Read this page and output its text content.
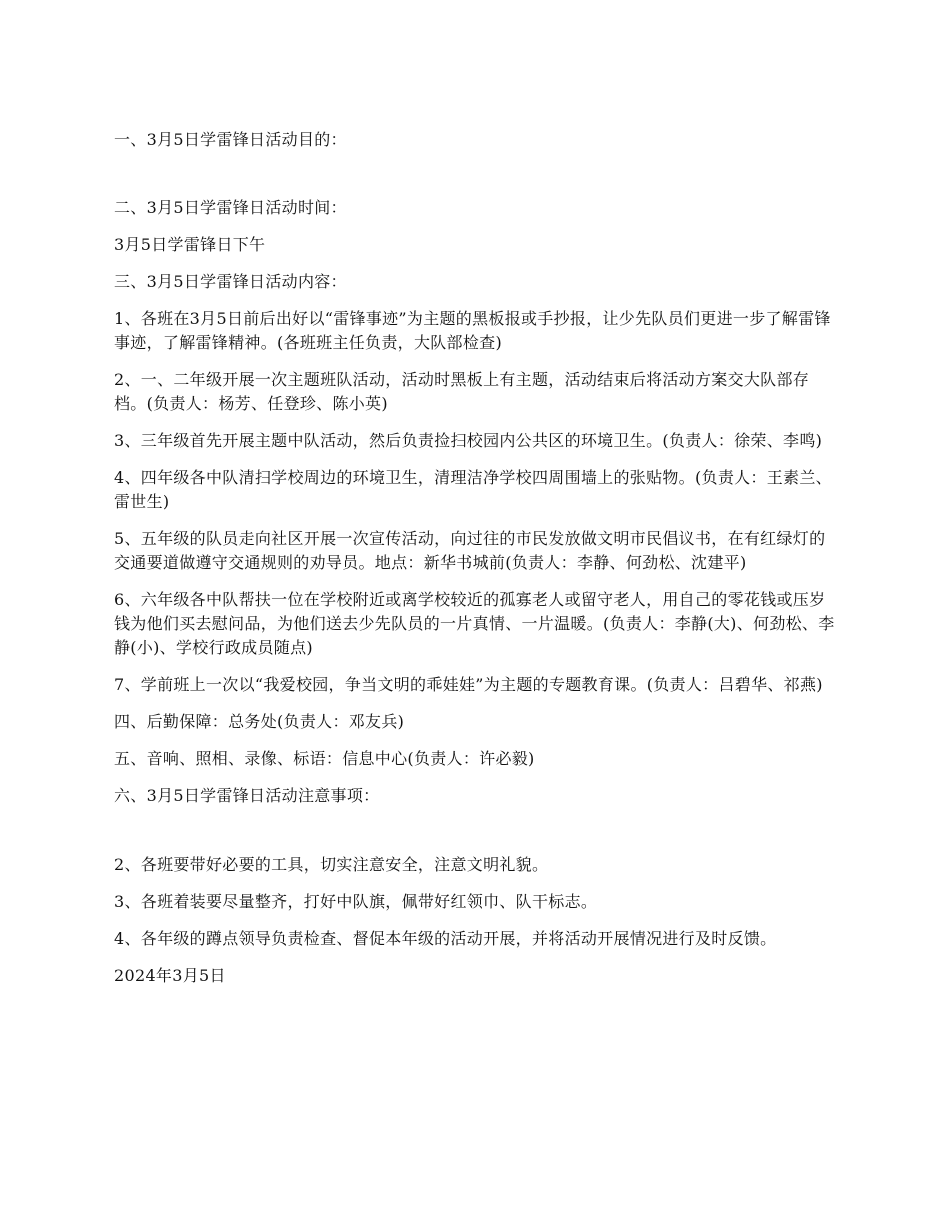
一、3月5日学雷锋日活动目的：

二、3月5日学雷锋日活动时间：

3月5日学雷锋日下午

三、3月5日学雷锋日活动内容：

1、各班在3月5日前后出好以“雷锋事迹”为主题的黑板报或手抄报，让少先队员们更进一步了解雷锋事迹，了解雷锋精神。(各班班主任负责，大队部检查)

2、一、二年级开展一次主题班队活动，活动时黑板上有主题，活动结束后将活动方案交大队部存档。(负责人：杨芳、任登珍、陈小英)

3、三年级首先开展主题中队活动，然后负责捡扫校园内公共区的环境卫生。(负责人：徐荣、李鸣)

4、四年级各中队清扫学校周边的环境卫生，清理洁净学校四周围墙上的张贴物。(负责人：王素兰、雷世生)

5、五年级的队员走向社区开展一次宣传活动，向过往的市民发放做文明市民倡议书，在有红绿灯的交通要道做遵守交通规则的劝导员。地点：新华书城前(负责人：李静、何劲松、沈建平)

6、六年级各中队帮扶一位在学校附近或离学校较近的孤寡老人或留守老人，用自己的零花钱或压岁钱为他们买去慰问品，为他们送去少先队员的一片真情、一片温暖。(负责人：李静(大)、何劲松、李静(小)、学校行政成员随点)

7、学前班上一次以“我爱校园，争当文明的乖娃娃”为主题的专题教育课。(负责人：吕碧华、祁燕)

四、后勤保障：总务处(负责人：邓友兵)

五、音响、照相、录像、标语：信息中心(负责人：许必毅)

六、3月5日学雷锋日活动注意事项：

2、各班要带好必要的工具，切实注意安全，注意文明礼貌。

3、各班着装要尽量整齐，打好中队旗，佩带好红领巾、队干标志。

4、各年级的蹲点领导负责检查、督促本年级的活动开展，并将活动开展情况进行及时反馈。

2024年3月5日
